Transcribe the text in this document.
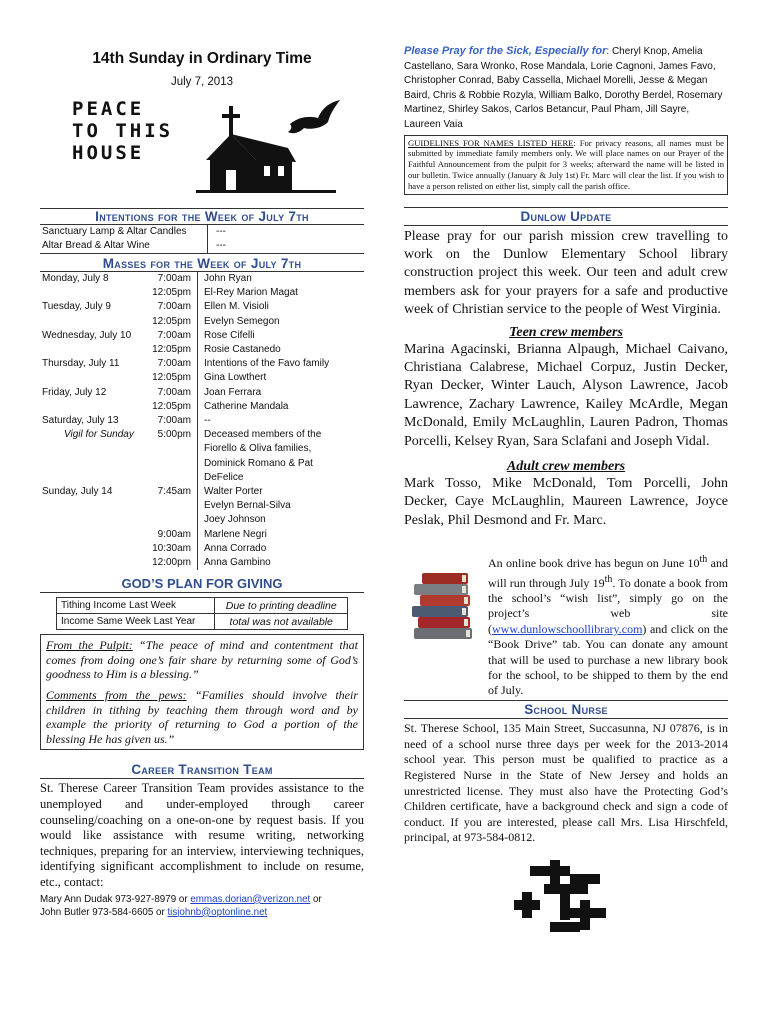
14th Sunday in Ordinary Time
July 7, 2013
PEACE
TO THIS
HOUSE
Intentions for the Week of July 7th
Sanctuary Lamp & Altar Candles	---
Altar Bread & Altar Wine	---
Masses for the Week of July 7th
Monday, July 8	7:00am	John Ryan
12:05pm	El-Rey Marion Magat
Tuesday, July 9	7:00am	Ellen M. Visioli
12:05pm	Evelyn Semegon
Wednesday, July 10	7:00am	Rose Cifelli
12:05pm	Rosie Castanedo
Thursday, July 11	7:00am	Intentions of the Favo family
12:05pm	Gina Lowthert
Friday, July 12	7:00am	Joan Ferrara
12:05pm	Catherine Mandala
Saturday, July 13	7:00am	--
Vigil for Sunday	5:00pm	Deceased members of the
Fiorello & Oliva families,
Dominick Romano & Pat
DeFelice
Sunday, July 14	7:45am	Walter Porter
Evelyn Bernal-Silva
Joey Johnson
9:00am	Marlene Negri
10:30am	Anna Corrado
12:00pm	Anna Gambino
GOD’S PLAN FOR GIVING
Tithing Income Last Week	Due to printing deadline
Income Same Week Last Year	total was not available

From the Pulpit: “The peace of mind and contentment that comes from doing one’s fair share by returning some of God’s goodness to Him is a blessing.”

Comments from the pews: “Families should involve their children in tithing by teaching them through word and by example the priority of returning to God a portion of the blessing He has given us.”

Career Transition Team
St. Therese Career Transition Team provides assistance to the unemployed and under-employed through career counseling/coaching on a one-on-one by request basis. If you would like assistance with resume writing, networking techniques, preparing for an interview, interviewing techniques, identifying significant accomplishment to include on resume, etc., contact:
Mary Ann Dudak 973-927-8979 or emmas.dorian@verizon.net or
John Butler 973-584-6605 or tisjohnb@optonline.net
Please Pray for the Sick, Especially for: Cheryl Knop, Amelia Castellano, Sara Wronko, Rose Mandala, Lorie Cagnoni, James Favo, Christopher Conrad, Baby Cassella, Michael Morelli, Jesse & Megan Baird, Chris & Robbie Rozyla, William Balko, Dorothy Berdel, Rosemary Martinez, Shirley Sakos, Carlos Betancur, Paul Pham, Jill Sayre, Laureen Vaia
GUIDELINES FOR NAMES LISTED HERE: For privacy reasons, all names must be submitted by immediate family members only. We will place names on our Prayer of the Faithful Announcement from the pulpit for 3 weeks; afterward the name will be listed in our bulletin. Twice annually (January & July 1st) Fr. Marc will clear the list. If you wish to have a person relisted on either list, simply call the parish office.
Dunlow Update
Please pray for our parish mission crew travelling to work on the Dunlow Elementary School library construction project this week. Our teen and adult crew members ask for your prayers for a safe and productive week of Christian service to the people of West Virginia.
Teen crew members
Marina Agacinski, Brianna Alpaugh, Michael Caivano, Christiana Calabrese, Michael Corpuz, Justin Decker, Ryan Decker, Winter Lauch, Alyson Lawrence, Jacob Lawrence, Zachary Lawrence, Kailey McArdle, Megan McDonald, Emily McLaughlin, Lauren Padron, Thomas Porcelli, Kelsey Ryan, Sara Sclafani and Joseph Vidal.
Adult crew members
Mark Tosso, Mike McDonald, Tom Porcelli, John Decker, Caye McLaughlin, Maureen Lawrence, Joyce Peslak, Phil Desmond and Fr. Marc.
An online book drive has begun on June 10th and will run through July 19th. To donate a book from the school’s “wish list”, simply go on the project’s web site (www.dunlowschoollibrary.com) and click on the “Book Drive” tab. You can donate any amount that will be used to purchase a new library book for the school, to be shipped to them by the end of July.
School Nurse
St. Therese School, 135 Main Street, Succasunna, NJ 07876, is in need of a school nurse three days per week for the 2013-2014 school year. This person must be qualified to practice as a Registered Nurse in the State of New Jersey and holds an unrestricted license. They must also have the Protecting God’s Children certificate, have a background check and sign a code of conduct. If you are interested, please call Mrs. Lisa Hirschfeld, principal, at 973-584-0812.
